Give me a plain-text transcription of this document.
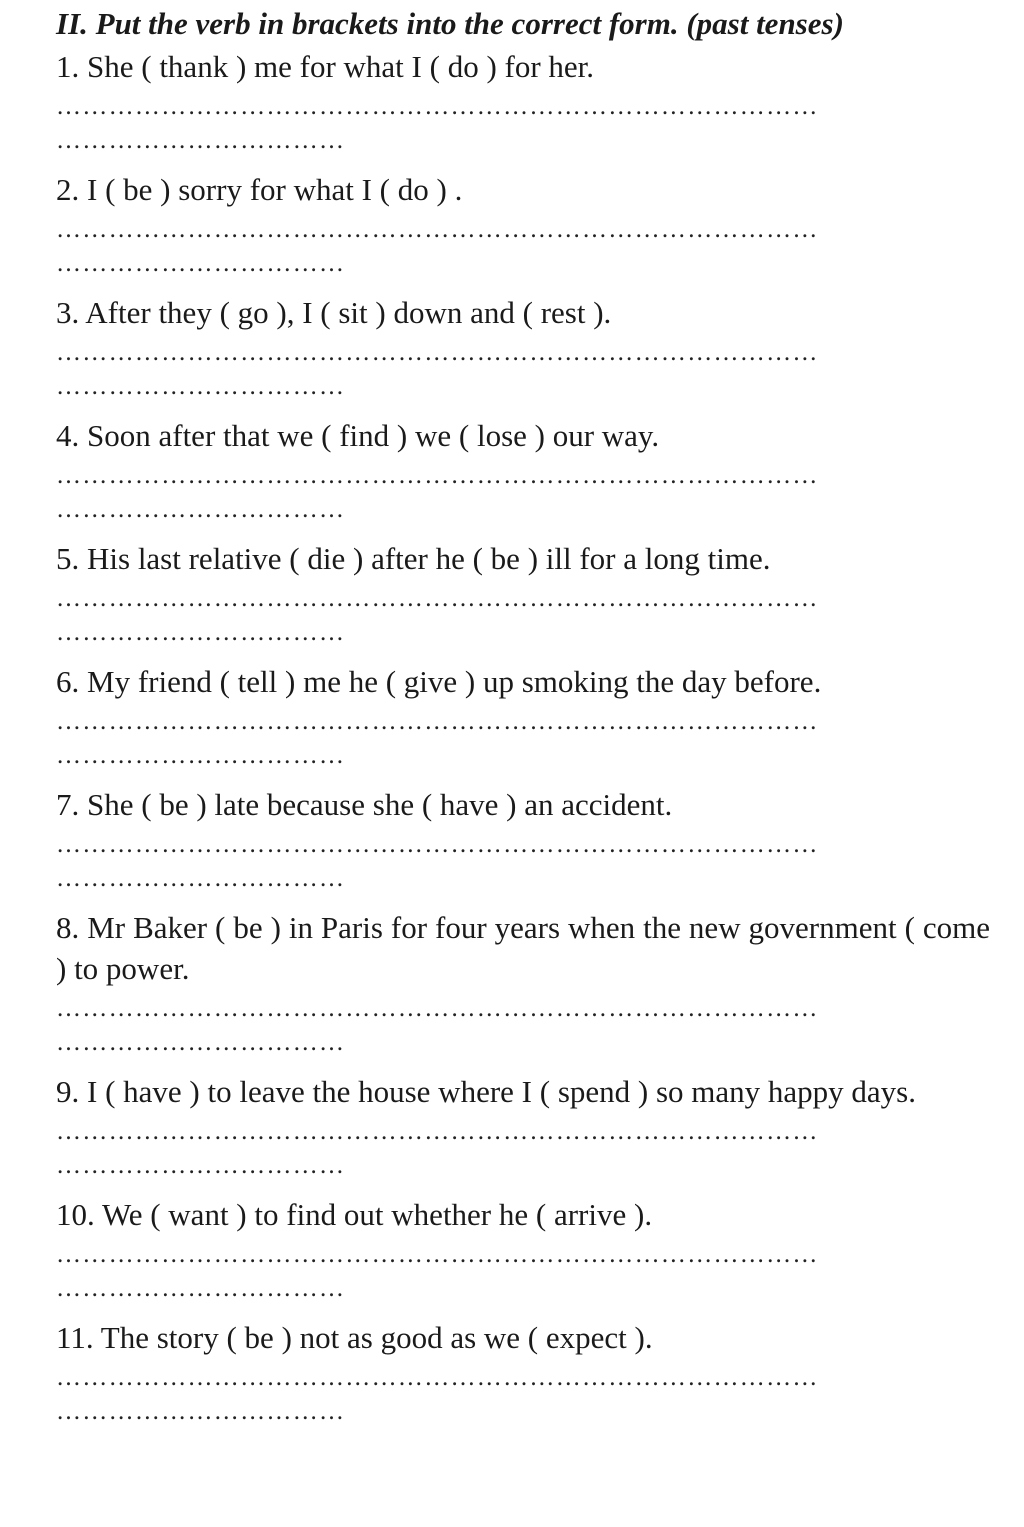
II. Put the verb in brackets into the correct form. (past tenses)

1. She ( thank ) me for what I ( do ) for her.

……………………………………………………………………………
……………………………

2. I ( be ) sorry for what I ( do ) .

……………………………………………………………………………
……………………………

3. After they ( go ), I ( sit ) down and ( rest ).

……………………………………………………………………………
……………………………

4. Soon after that we ( find ) we ( lose ) our way.

……………………………………………………………………………
……………………………

5. His last relative ( die ) after he ( be ) ill for a long time.

……………………………………………………………………………
……………………………

6. My friend ( tell ) me he ( give ) up smoking the day before.

……………………………………………………………………………
……………………………

7. She ( be ) late because she ( have ) an accident.

……………………………………………………………………………
……………………………

8. Mr Baker ( be ) in Paris for four years when the new government ( come ) to power.

……………………………………………………………………………
……………………………

9. I ( have ) to leave the house where I ( spend ) so many happy days.

……………………………………………………………………………
……………………………

10. We ( want ) to find out whether he ( arrive ).

……………………………………………………………………………
……………………………

11. The story ( be ) not as good as we ( expect ).

……………………………………………………………………………
……………………………
